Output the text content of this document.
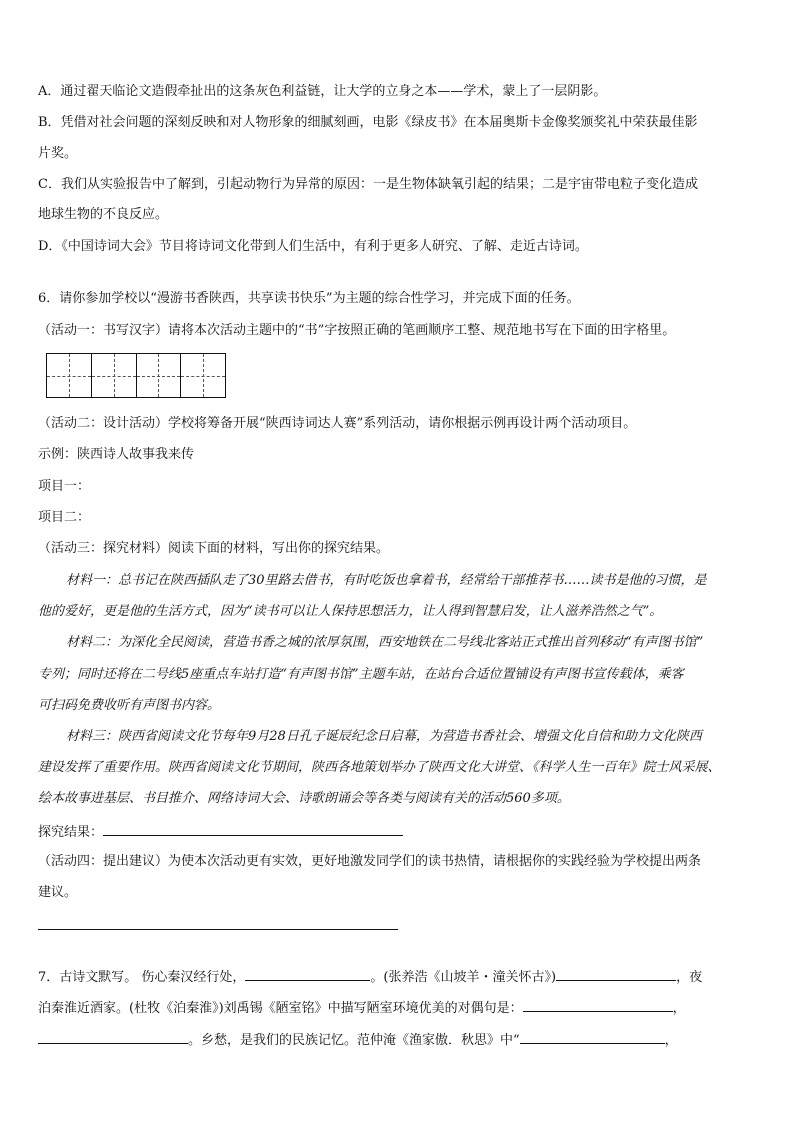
A．通过翟天临论文造假牵扯出的这条灰色利益链，让大学的立身之本——学术，蒙上了一层阴影。
B．凭借对社会问题的深刻反映和对人物形象的细腻刻画，电影《绿皮书》在本届奥斯卡金像奖颁奖礼中荣获最佳影
片奖。
C．我们从实验报告中了解到，引起动物行为异常的原因：一是生物体缺氧引起的结果；二是宇宙带电粒子变化造成
地球生物的不良反应。
D．《中国诗词大会》节目将诗词文化带到人们生活中，有利于更多人研究、了解、走近古诗词。
6．请你参加学校以“漫游书香陕西，共享读书快乐”为主题的综合性学习，并完成下面的任务。
（活动一：书写汉字）请将本次活动主题中的“书”字按照正确的笔画顺序工整、规范地书写在下面的田字格里。
（活动二：设计活动）学校将筹备开展“陕西诗词达人赛”系列活动，请你根据示例再设计两个活动项目。
示例：陕西诗人故事我来传
项目一：
项目二：
（活动三：探究材料）阅读下面的材料，写出你的探究结果。
材料一：总书记在陕西插队走了30里路去借书，有时吃饭也拿着书，经常给干部推荐书……读书是他的习惯，是
他的爱好，更是他的生活方式，因为“读书可以让人保持思想活力，让人得到智慧启发，让人滋养浩然之气”。
材料二：为深化全民阅读，营造书香之城的浓厚氛围，西安地铁在二号线北客站正式推出首列移动“有声图书馆”
专列；同时还将在二号线5座重点车站打造“有声图书馆”主题车站，在站台合适位置铺设有声图书宣传载体，乘客
可扫码免费收听有声图书内容。
材料三：陕西省阅读文化节每年9月28日孔子诞辰纪念日启幕，为营造书香社会、增强文化自信和助力文化陕西
建设发挥了重要作用。陕西省阅读文化节期间，陕西各地策划举办了陕西文化大讲堂、《科学人生一百年》院士风采展、
绘本故事进基层、书目推介、网络诗词大会、诗歌朗诵会等各类与阅读有关的活动560多项。
探究结果：
（活动四：提出建议）为使本次活动更有实效，更好地激发同学们的读书热情，请根据你的实践经验为学校提出两条
建议。
7．古诗文默写。 伤心秦汉经行处，	。(张养浩《山坡羊・潼关怀古》)	，夜
泊秦淮近酒家。(杜牧《泊秦淮》)刘禹锡《陋室铭》中描写陋室环境优美的对偶句是：	，
。乡愁，是我们的民族记忆。范仲淹《渔家傲．秋思》中“	，
